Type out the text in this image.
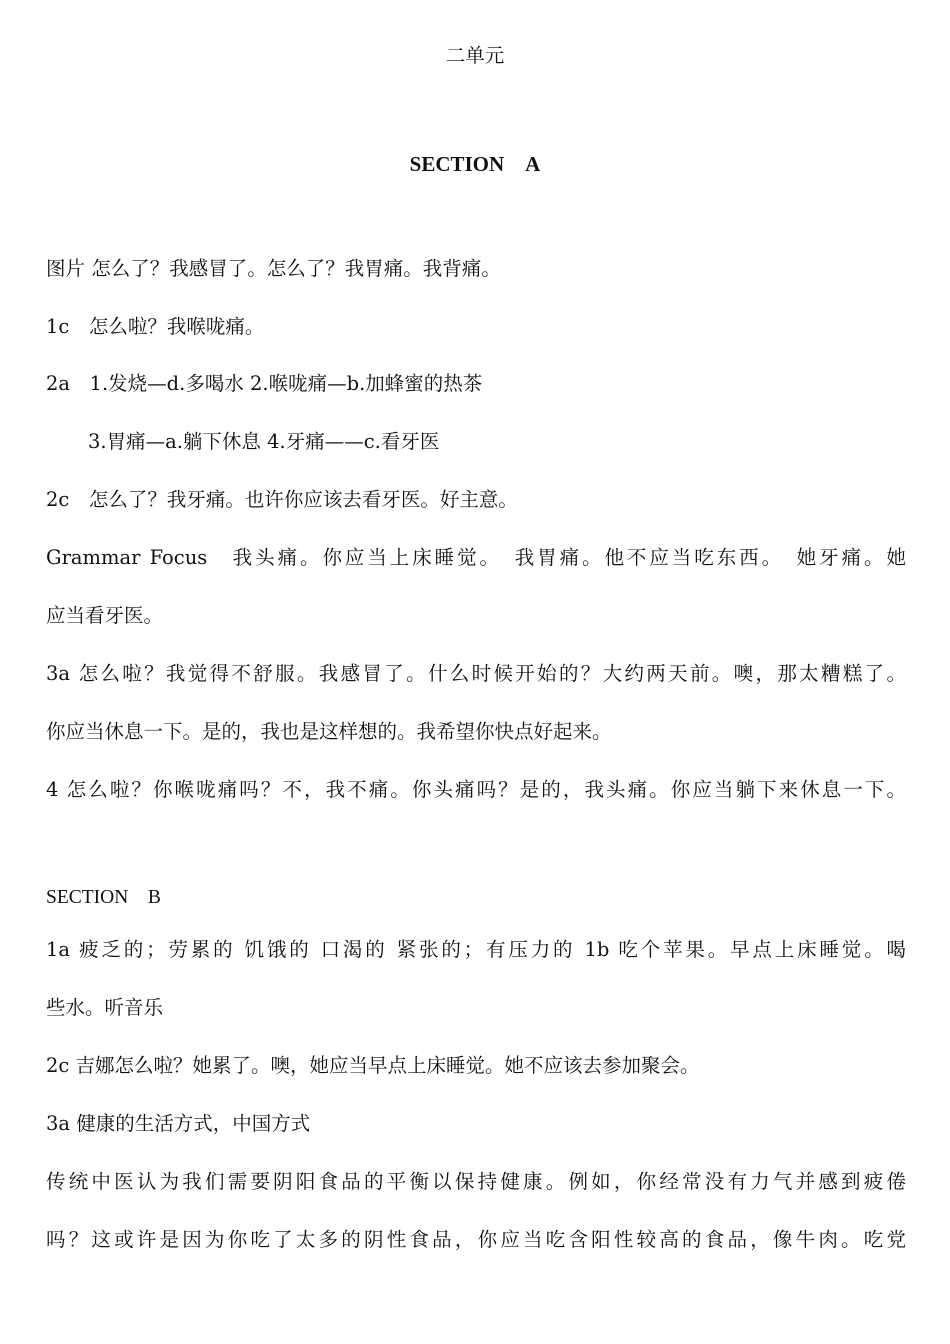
二单元
SECTION　A
图片 怎么了？我感冒了。怎么了？我胃痛。我背痛。
1c　怎么啦？我喉咙痛。
2a　1.发烧—d.多喝水 2.喉咙痛—b.加蜂蜜的热茶
3.胃痛—a.躺下休息 4.牙痛——c.看牙医
2c　怎么了？我牙痛。也许你应该去看牙医。好主意。
Grammar Focus　我头痛。你应当上床睡觉。　我胃痛。他不应当吃东西。　她牙痛。她
应当看牙医。
3a 怎么啦？我觉得不舒服。我感冒了。什么时候开始的？大约两天前。噢，那太糟糕了。
你应当休息一下。是的，我也是这样想的。我希望你快点好起来。
4 怎么啦？你喉咙痛吗？不，我不痛。你头痛吗？是的，我头痛。你应当躺下来休息一下。
SECTION　B
1a 疲乏的；劳累的 饥饿的 口渴的 紧张的；有压力的 1b 吃个苹果。早点上床睡觉。喝
些水。听音乐
2c 吉娜怎么啦？她累了。噢，她应当早点上床睡觉。她不应该去参加聚会。
3a 健康的生活方式，中国方式
传统中医认为我们需要阴阳食品的平衡以保持健康。例如，你经常没有力气并感到疲倦
吗？这或许是因为你吃了太多的阴性食品，你应当吃含阳性较高的食品，像牛肉。吃党
